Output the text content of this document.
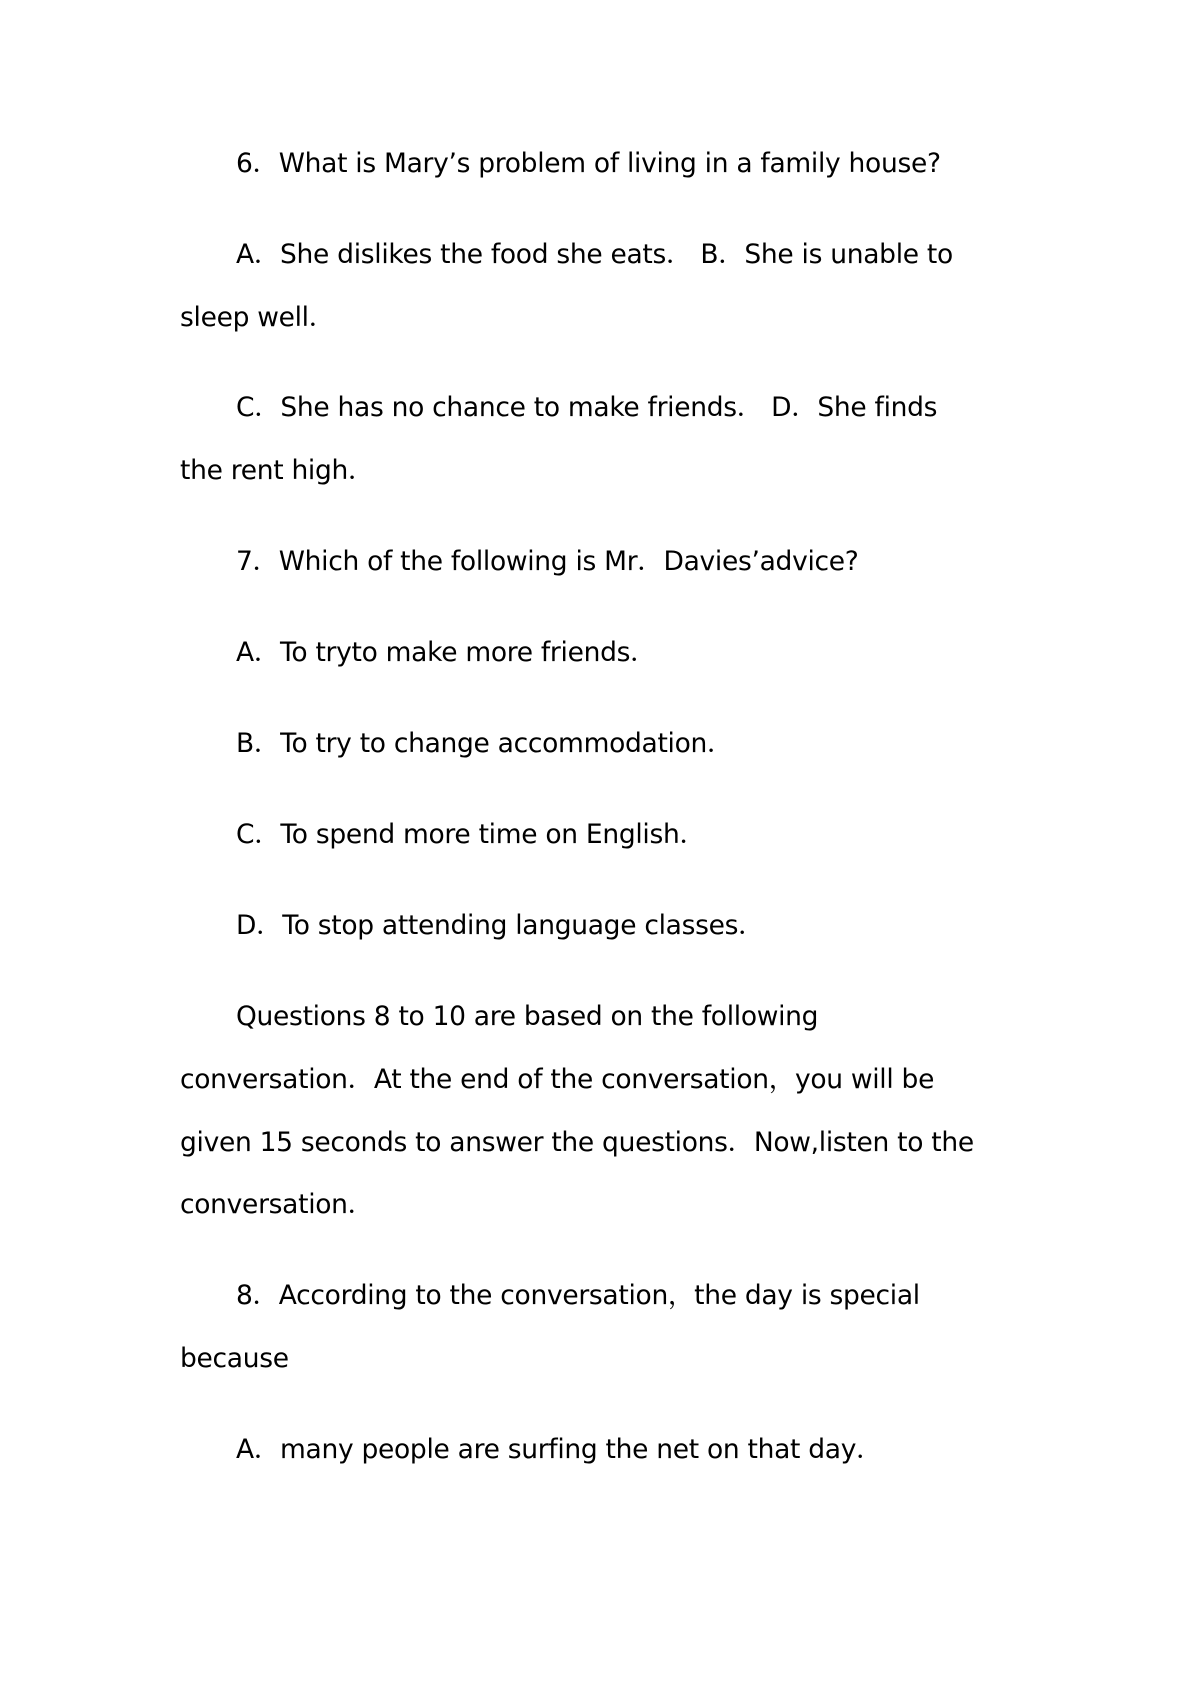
6．What is Mary’s problem of living in a family house?
A．She dislikes the food she eats． B．She is unable to
sleep well．
C．She has no chance to make friends． D．She finds
the rent high．
7．Which of the following is Mr．Davies’advice?
A．To tryto make more friends．
B．To try to change accommodation．
C．To spend more time on English．
D．To stop attending language classes．
Questions 8 to 10 are based on the following
conversation．At the end of the conversation，you will be
given 15 seconds to answer the questions．Now,listen to the
conversation．
8．According to the conversation，the day is special
because
A．many people are surfing the net on that day．
